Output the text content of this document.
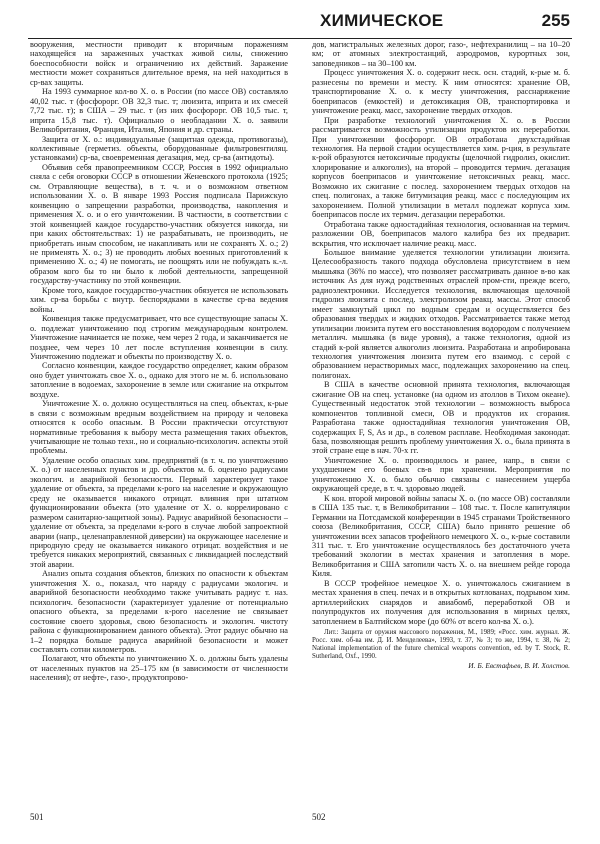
ХИМИЧЕСКОЕ	255

вооружения, местности приводит к вторичным поражениям находящейся на зараженных участках живой силы, снижению боеспособности войск и ограничению их действий. Заражение местности может сохраняться длительное время, на ней находиться в ср-вах защиты.

На 1993 суммарное кол-во Х. о. в России (по массе ОВ) составляло 40,02 тыс. т (фосфорорг. ОВ 32,3 тыс. т; люизита, иприта и их смесей 7,72 тыс. т); в США – 29 тыс. т (из них фосфорорг. ОВ 10,5 тыс. т, иприта 15,8 тыс. т). Официально о необладании Х. о. заявили Великобритания, Франция, Италия, Япония и др. страны.

Защита от Х. о.: индивидуальные (защитная одежда, противогазы), коллективные (герметиз. объекты, оборудованные фильтровентиляц. установками) ср-ва, своевременная дегазация, мед. ср-ва (антидоты).

Объявив себя правопреемником СССР, Россия в 1992 официально сняла с себя оговорки СССР в отношении Женевского протокола (1925; см. Отравляющие вещества), в т. ч. и о возможном ответном использовании Х. о. В январе 1993 Россия подписала Парижскую конвенцию о запрещении разработки, производства, накопления и применения Х. о. и о его уничтожении. В частности, в соответствии с этой конвенцией каждое государство-участник обязуется никогда, ни при каких обстоятельствах: 1) не разрабатывать, не производить, не приобретать иным способом, не накапливать или не сохранять Х. о.; 2) не применять Х. о.; 3) не проводить любых военных приготовлений к применению Х. о.; 4) не помогать, не поощрять или не побуждать к.-л. образом кого бы то ни было к любой деятельности, запрещенной государству-участнику по этой конвенции.

Кроме того, каждое государство-участник обязуется не использовать хим. ср-ва борьбы с внутр. беспорядками в качестве ср-ва ведения войны.

Конвенция также предусматривает, что все существующие запасы Х. о. подлежат уничтожению под строгим международным контролем. Уничтожение начинается не позже, чем через 2 года, и заканчивается не позднее, чем через 10 лет после вступления конвенции в силу. Уничтожению подлежат и объекты по производству Х. о.

Согласно конвенции, каждое государство определяет, каким образом оно будет уничтожать свое Х. о., однако для этого не м. б. использовано затопление в водоемах, захоронение в земле или сжигание на открытом воздухе.

Уничтожение Х. о. должно осуществляться на спец. объектах, к-рые в связи с возможным вредным воздействием на природу и человека относятся к особо опасным. В России практически отсутствуют нормативные требования к выбору места размещения таких объектов, учитывающие не только техн., но и социально-психологич. аспекты этой проблемы.

Удаление особо опасных хим. предприятий (в т. ч. по уничтожению Х. о.) от населенных пунктов и др. объектов м. б. оценено радиусами экологич. и аварийной безопасности. Первый характеризует такое удаление от объекта, за пределами к-рого на население и окружающую среду не оказывается никакого отрицат. влияния при штатном функционировании объекта (это удаление от Х. о. коррелировано с размером санитарно-защитной зоны). Радиус аварийной безопасности – удаление от объекта, за пределами к-рого в случае любой запроектной аварии (напр., целенаправленной диверсии) на окружающее население и природную среду не оказывается никакого отрицат. воздействия и не требуется никаких мероприятий, связанных с ликвидацией последствий этой аварии.

Анализ опыта создания объектов, близких по опасности к объектам уничтожения Х. о., показал, что наряду с радиусами экологич. и аварийной безопасности необходимо также учитывать радиус т. наз. психологич. безопасности (характеризует удаление от потенциально опасного объекта, за пределами к-рого население не связывает состояние своего здоровья, свою безопасность и экологич. чистоту района с функционированием данного объекта). Этот радиус обычно на 1–2 порядка больше радиуса аварийной безопасности и может составлять сотни километров.

Полагают, что объекты по уничтожению Х. о. должны быть удалены от населенных пунктов на 25–175 км (в зависимости от численности населения); от нефте-, газо-, продуктопрово-

дов, магистральных железных дорог, газо-, нефтехранилищ – на 10–20 км; от атомных электростанций, аэродромов, курортных зон, заповедников – на 30–100 км.

Процесс уничтожения Х. о. содержит неск. осн. стадий, к-рые м. б. разнесены по времени и месту. К ним относятся: хранение ОВ, транспортирование Х. о. к месту уничтожения, расснаряжение боеприпасов (емкостей) и детоксикация ОВ, транспортировка и уничтожение реакц. масс, захоронение твердых отходов.

При разработке технологий уничтожения Х. о. в России рассматривается возможность утилизации продуктов их переработки. При уничтожении фосфорорг. ОВ отработана двухстадийная технология. На первой стадии осуществляется хим. р-ция, в результате к-рой образуются нетоксичные продукты (щелочной гидролиз, окислит. хлорирование и алкоголиз), на второй – проводится термич. дегазация корпусов боеприпасов и уничтожение нетоксичных реакц. масс. Возможно их сжигание с послед. захоронением твердых отходов на спец. полигонах, а также битумизация реакц. масс с последующим их захоронением. Полной утилизации в металл подлежат корпуса хим. боеприпасов после их термич. дегазации переработки.

Отработана также одностадийная технология, основанная на термич. разложении ОВ, боеприпасов малого калибра без их предварит. вскрытия, что исключает наличие реакц. масс.

Большое внимание уделяется технологии утилизации люизита. Целесообразность такого подхода обусловлена присутствием в нем мышьяка (36% по массе), что позволяет рассматривать данное в-во как источник As для нужд родственных отраслей пром-сти, прежде всего, радиоэлектроники. Исследуется технология, включающая щелочной гидролиз люизита с послед. электролизом реакц. массы. Этот способ имеет замкнутый цикл по водным средам и осуществляется без образования твердых и жидких отходов. Рассматривается также метод утилизации люизита путем его восстановления водородом с получением металлич. мышьяка (в виде уровня), а также технология, одной из стадий к-рой является алкоголиз люизита. Разработана и апробирована технология уничтожения люизита путем его взаимод. с серой с образованием нерастворимых масс, подлежащих захоронению на спец. полигонах.

В США в качестве основной принята технология, включающая сжигание ОВ на спец. установке (на одном из атоллов в Тихом океане). Существенный недостаток этой технологии – возможность выброса компонентов топливной смеси, ОВ и продуктов их сгорания. Разработана также одностадийная технология уничтожения ОВ, содержащих F, S, As и др., в солевом расплаве. Необходимая законодат. база, позволяющая решить проблему уничтожения Х. о., была принята в этой стране еще в нач. 70-х гг.

Уничтожение Х. о. производилось и ранее, напр., в связи с ухудшением его боевых св-в при хранении. Мероприятия по уничтожению Х. о. было обычно связаны с нанесением ущерба окружающей среде, в т. ч. здоровью людей.

К кон. второй мировой войны запасы Х. о. (по массе ОВ) составляли в США 135 тыс. т, в Великобритании – 108 тыс. т. После капитуляции Германии на Потсдамской конференции в 1945 странами Тройственного союза (Великобритания, СССР, США) было принято решение об уничтожении всех запасов трофейного немецкого Х. о., к-рые составили 311 тыс. т. Его уничтожение осуществлялось без достаточного учета требований экологии в местах хранения и затопления в море. Великобритания и США затопили часть Х. о. на внешнем рейде города Киля.

В СССР трофейное немецкое Х. о. уничтожалось сжиганием в местах хранения в спец. печах и в открытых котлованах, подрывом хим. артиллерийских снарядов и авиабомб, переработкой ОВ и полупродуктов их получения для использования в мирных целях, затоплением в Балтийском море (до 60% от всего кол-ва Х. о.).

Лит.: Защита от оружия массового поражения, М., 1989; «Росс. хим. журнал. Ж. Росс. хим. об-ва им. Д. И. Менделеева», 1993, т. 37, № 3; то же, 1994, т. 38, № 2; National implementation of the future chemical weapons convention, ed. by T. Stock, R. Sutherland, Oxf., 1990.

И. Б. Евстафьев, В. И. Холстов.

501	502
